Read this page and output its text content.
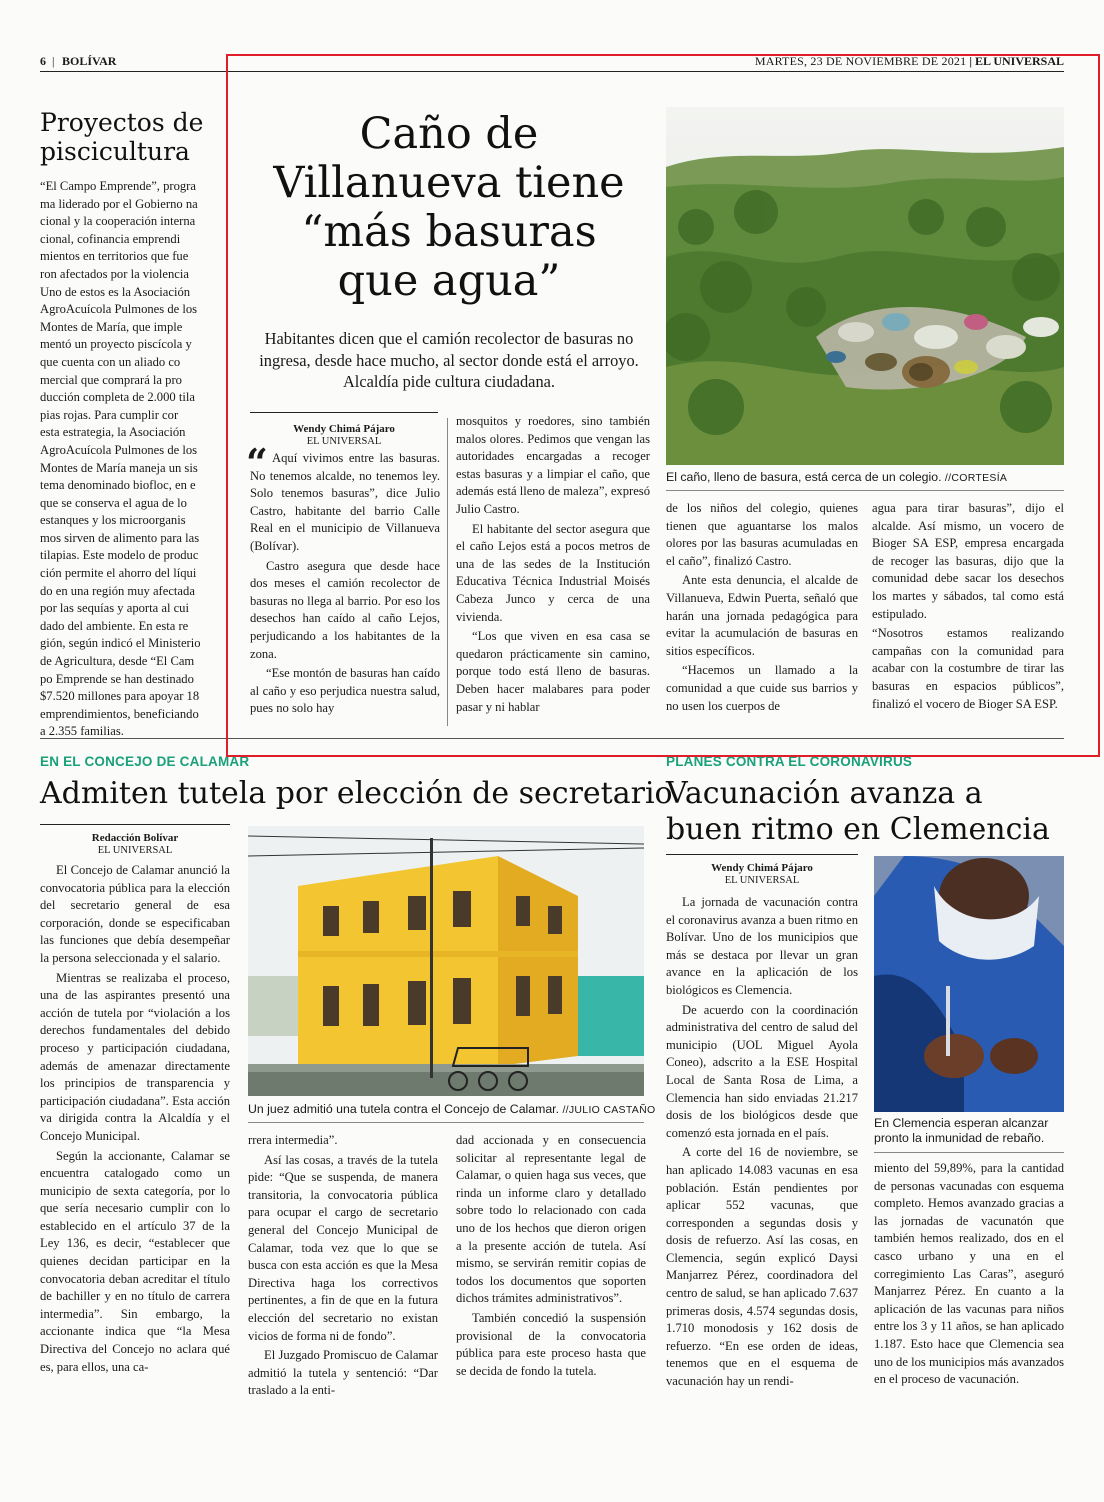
6 | BOLÍVAR	MARTES, 23 DE NOVIEMBRE DE 2021 | EL UNIVERSAL
Proyectos de piscicultura
“El Campo Emprende”, progra
ma liderado por el Gobierno na
cional y la cooperación interna
cional, cofinancia emprendi
mientos en territorios que fue
ron afectados por la violencia
Uno de estos es la Asociación
AgroAcuícola Pulmones de los
Montes de María, que imple
mentó un proyecto piscícola y
que cuenta con un aliado co
mercial que comprará la pro
ducción completa de 2.000 tila
pias rojas. Para cumplir cor
esta estrategia, la Asociación
AgroAcuícola Pulmones de los
Montes de María maneja un sis
tema denominado biofloc, en e
que se conserva el agua de lo
estanques y los microorganis
mos sirven de alimento para las
tilapias. Este modelo de produc
ción permite el ahorro del líqui
do en una región muy afectada
por las sequías y aporta al cui
dado del ambiente. En esta re
gión, según indicó el Ministerio
de Agricultura, desde “El Cam
po Emprende se han destinado
$7.520 millones para apoyar 18
emprendimientos, beneficiando
a 2.355 familias.
Caño de
Villanueva tiene
“más basuras
que agua”
Habitantes dicen que el camión recolector de basuras no ingresa, desde hace mucho, al sector donde está el arroyo. Alcaldía pide cultura ciudadana.
Wendy Chimá Pájaro
EL UNIVERSAL
“ Aquí vivimos entre las basuras. No tenemos alcalde, no tenemos ley. Solo tenemos basuras”, dice Julio Castro, habitante del barrio Calle Real en el municipio de Villanueva (Bolívar).

Castro asegura que desde hace dos meses el camión recolector de basuras no llega al barrio. Por eso los desechos han caído al caño Lejos, perjudicando a los habitantes de la zona.

“Ese montón de basuras han caído al caño y eso perjudica nuestra salud, pues no solo hay

mosquitos y roedores, sino también malos olores. Pedimos que vengan las autoridades encargadas a recoger estas basuras y a limpiar el caño, que además está lleno de maleza”, expresó Julio Castro.

El habitante del sector asegura que el caño Lejos está a pocos metros de una de las sedes de la Institución Educativa Técnica Industrial Moisés Cabeza Junco y cerca de una vivienda.

“Los que viven en esa casa se quedaron prácticamente sin camino, porque todo está lleno de basuras. Deben hacer malabares para poder pasar y ni hablar

El caño, lleno de basura, está cerca de un colegio. //CORTESÍA

de los niños del colegio, quienes tienen que aguantarse los malos olores por las basuras acumuladas en el caño”, finalizó Castro.

Ante esta denuncia, el alcalde de Villanueva, Edwin Puerta, señaló que harán una jornada pedagógica para evitar la acumulación de basuras en sitios específicos.

“Hacemos un llamado a la comunidad a que cuide sus barrios y no usen los cuerpos de

agua para tirar basuras”, dijo el alcalde. Así mismo, un vocero de Bioger SA ESP, empresa encargada de recoger las basuras, dijo que la comunidad debe sacar los desechos los martes y sábados, tal como está estipulado.

“Nosotros estamos realizando campañas con la comunidad para acabar con la costumbre de tirar las basuras en espacios públicos”, finalizó el vocero de Bioger SA ESP.

EN EL CONCEJO DE CALAMAR
Admiten tutela por elección de secretario
Redacción Bolívar
EL UNIVERSAL

El Concejo de Calamar anunció la convocatoria pública para la elección del secretario general de esa corporación, donde se especificaban las funciones que debía desempeñar la persona seleccionada y el salario.

Mientras se realizaba el proceso, una de las aspirantes presentó una acción de tutela por “violación a los derechos fundamentales del debido proceso y participación ciudadana, además de amenazar directamente los principios de transparencia y participación ciudadana”. Esta acción va dirigida contra la Alcaldía y el Concejo Municipal.

Según la accionante, Calamar se encuentra catalogado como un municipio de sexta categoría, por lo que sería necesario cumplir con lo establecido en el artículo 37 de la Ley 136, es decir, “establecer que quienes decidan participar en la convocatoria deban acreditar el título de bachiller y en no título de carrera intermedia”. Sin embargo, la accionante indica que “la Mesa Directiva del Concejo no aclara qué es, para ellos, una ca-

Un juez admitió una tutela contra el Concejo de Calamar. //JULIO CASTAÑO

rrera intermedia”.

Así las cosas, a través de la tutela pide: “Que se suspenda, de manera transitoria, la convocatoria pública para ocupar el cargo de secretario general del Concejo Municipal de Calamar, toda vez que lo que se busca con esta acción es que la Mesa Directiva haga los correctivos pertinentes, a fin de que en la futura elección del secretario no existan vicios de forma ni de fondo”.

El Juzgado Promiscuo de Calamar admitió la tutela y sentenció: “Dar traslado a la enti-

dad accionada y en consecuencia solicitar al representante legal de Calamar, o quien haga sus veces, que rinda un informe claro y detallado sobre todo lo relacionado con cada uno de los hechos que dieron origen a la presente acción de tutela. Así mismo, se servirán remitir copias de todos los documentos que soporten dichos trámites administrativos”.

También concedió la suspensión provisional de la convocatoria pública para este proceso hasta que se decida de fondo la tutela.

PLANES CONTRA EL CORONAVIRUS
Vacunación avanza a buen ritmo en Clemencia
Wendy Chimá Pájaro
EL UNIVERSAL

La jornada de vacunación contra el coronavirus avanza a buen ritmo en Bolívar. Uno de los municipios que más se destaca por llevar un gran avance en la aplicación de los biológicos es Clemencia.

De acuerdo con la coordinación administrativa del centro de salud del municipio (UOL Miguel Ayola Coneo), adscrito a la ESE Hospital Local de Santa Rosa de Lima, a Clemencia han sido enviadas 21.217 dosis de los biológicos desde que comenzó esta jornada en el país.

A corte del 16 de noviembre, se han aplicado 14.083 vacunas en esa población. Están pendientes por aplicar 552 vacunas, que corresponden a segundas dosis y dosis de refuerzo. Así las cosas, en Clemencia, según explicó Daysi Manjarrez Pérez, coordinadora del centro de salud, se han aplicado 7.637 primeras dosis, 4.574 segundas dosis, 1.710 monodosis y 162 dosis de refuerzo. “En ese orden de ideas, tenemos que en el esquema de vacunación hay un rendi-

En Clemencia esperan alcanzar pronto la inmunidad de rebaño.

miento del 59,89%, para la cantidad de personas vacunadas con esquema completo. Hemos avanzado gracias a las jornadas de vacunatón que también hemos realizado, dos en el casco urbano y una en el corregimiento Las Caras”, aseguró Manjarrez Pérez. En cuanto a la aplicación de las vacunas para niños entre los 3 y 11 años, se han aplicado 1.187. Esto hace que Clemencia sea uno de los municipios más avanzados en el proceso de vacunación.
